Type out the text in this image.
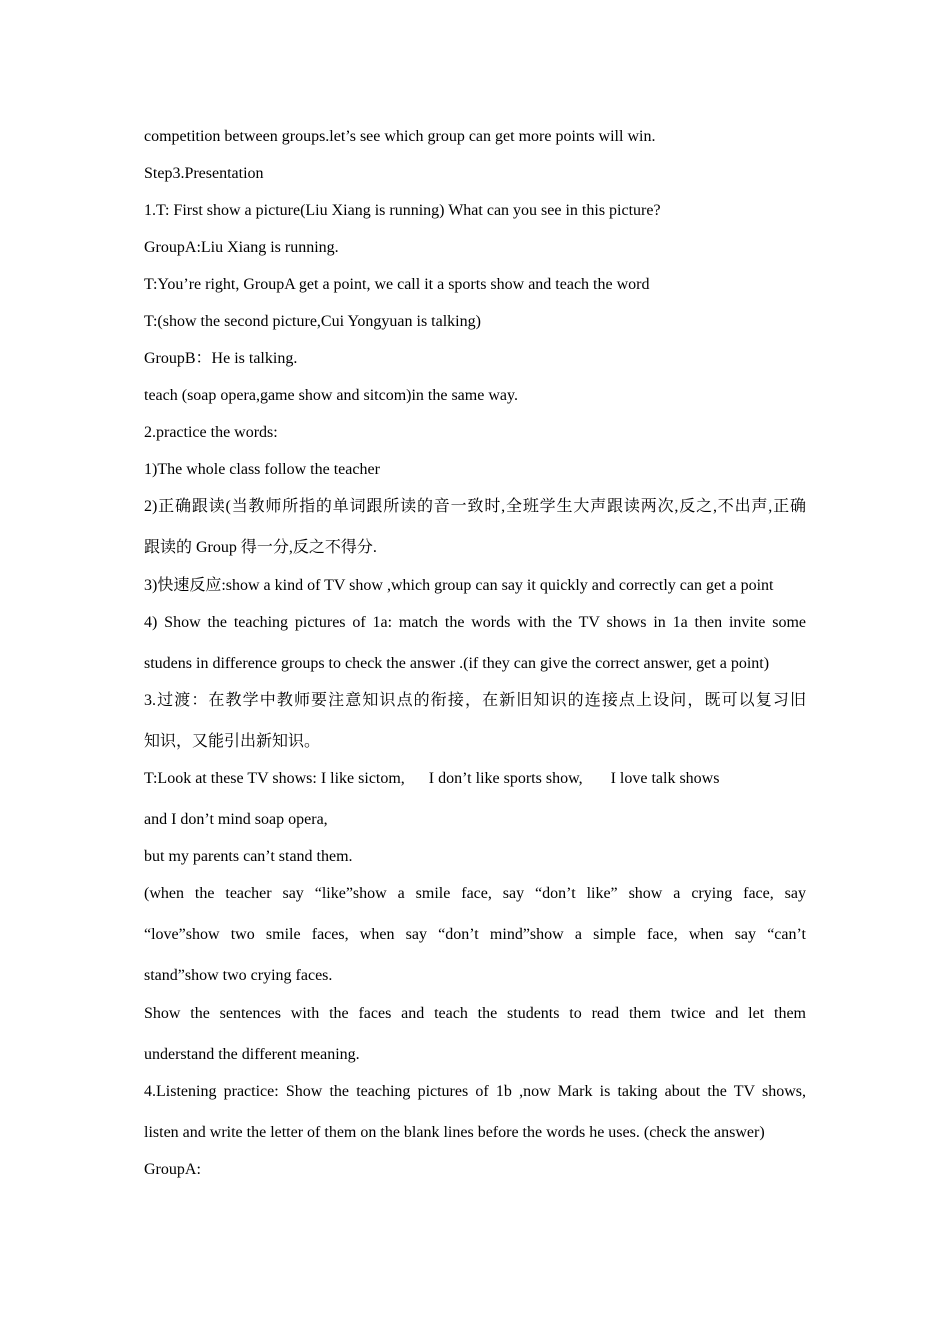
competition between groups.let’s see which group can get more points will win.
Step3.Presentation
1.T: First show a picture(Liu Xiang is running) What can you see in this picture?
GroupA:Liu Xiang is running.
T:You’re right, GroupA get a point, we call it a sports show and teach the word
T:(show the second picture,Cui Yongyuan is talking)
GroupB：He is talking.
teach (soap opera,game show and sitcom)in the same way.
2.practice the words:
1)The whole class follow the teacher
2)正确跟读(当教师所指的单词跟所读的音一致时,全班学生大声跟读两次,反之,不出声,正确
跟读的 Group 得一分,反之不得分.
3)快速反应:show a kind of TV show ,which group can say it quickly and correctly can get a point
4) Show the teaching pictures of 1a: match the words with the TV shows in 1a then invite some
studens in difference groups to check the answer .(if they can give the correct answer, get a point)
3.过渡：在教学中教师要注意知识点的衔接，在新旧知识的连接点上设问，既可以复习旧
知识，又能引出新知识。
T:Look at these TV shows: I like sictom,      I don’t like sports show,       I love talk shows
and I don’t mind soap opera,
but my parents can’t stand them.
(when the teacher say “like”show a smile face, say “don’t like” show a crying face, say
“love”show two smile faces, when say “don’t mind”show a simple face, when say “can’t
stand”show two crying faces.
Show the sentences with the faces and teach the students to read them twice and let them
understand the different meaning.
4.Listening practice: Show the teaching pictures of 1b ,now Mark is taking about the TV shows,
listen and write the letter of them on the blank lines before the words he uses. (check the answer)
GroupA:
